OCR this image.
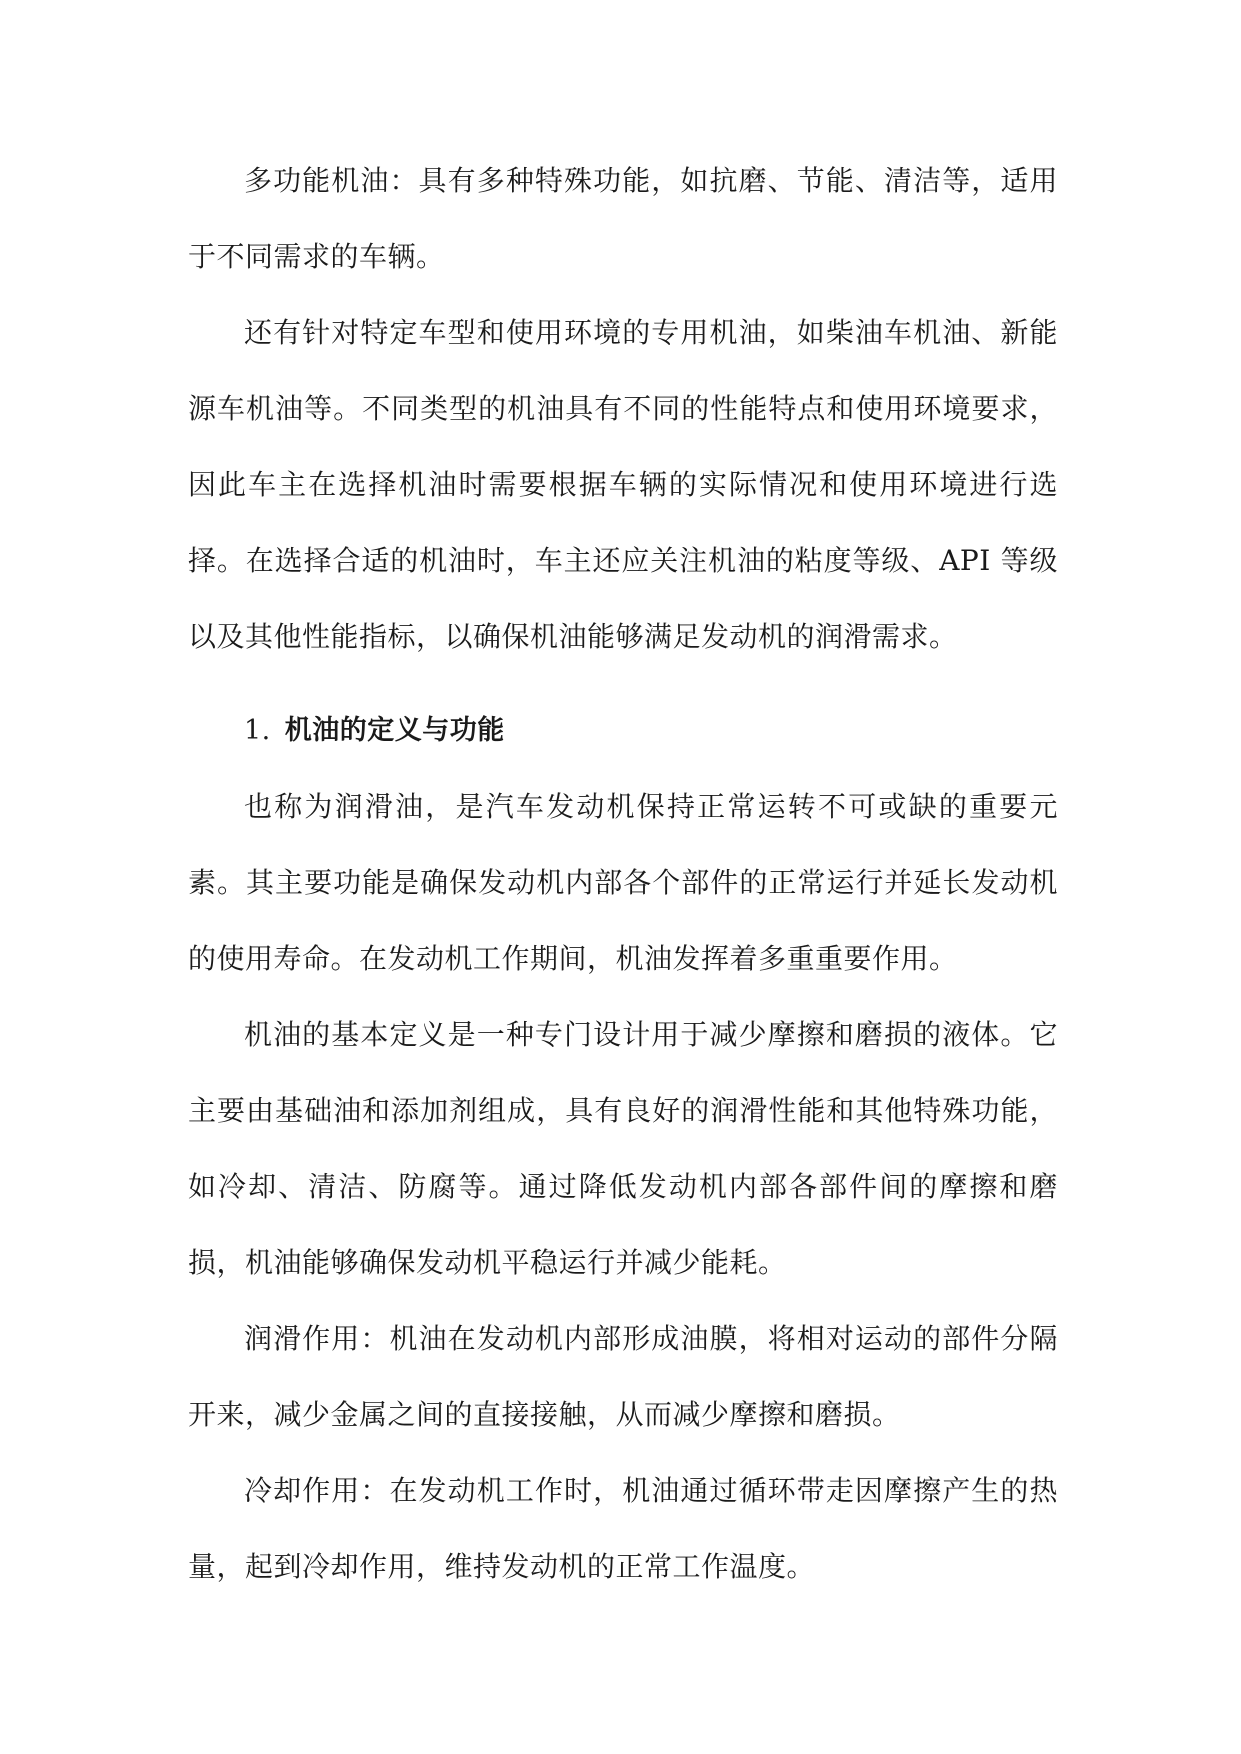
多功能机油：具有多种特殊功能，如抗磨、节能、清洁等，适用于不同需求的车辆。

还有针对特定车型和使用环境的专用机油，如柴油车机油、新能源车机油等。不同类型的机油具有不同的性能特点和使用环境要求，因此车主在选择机油时需要根据车辆的实际情况和使用环境进行选择。在选择合适的机油时，车主还应关注机油的粘度等级、API 等级以及其他性能指标，以确保机油能够满足发动机的润滑需求。

1. 机油的定义与功能

也称为润滑油，是汽车发动机保持正常运转不可或缺的重要元素。其主要功能是确保发动机内部各个部件的正常运行并延长发动机的使用寿命。在发动机工作期间，机油发挥着多重重要作用。

机油的基本定义是一种专门设计用于减少摩擦和磨损的液体。它主要由基础油和添加剂组成，具有良好的润滑性能和其他特殊功能，如冷却、清洁、防腐等。通过降低发动机内部各部件间的摩擦和磨损，机油能够确保发动机平稳运行并减少能耗。

润滑作用：机油在发动机内部形成油膜，将相对运动的部件分隔开来，减少金属之间的直接接触，从而减少摩擦和磨损。

冷却作用：在发动机工作时，机油通过循环带走因摩擦产生的热量，起到冷却作用，维持发动机的正常工作温度。
